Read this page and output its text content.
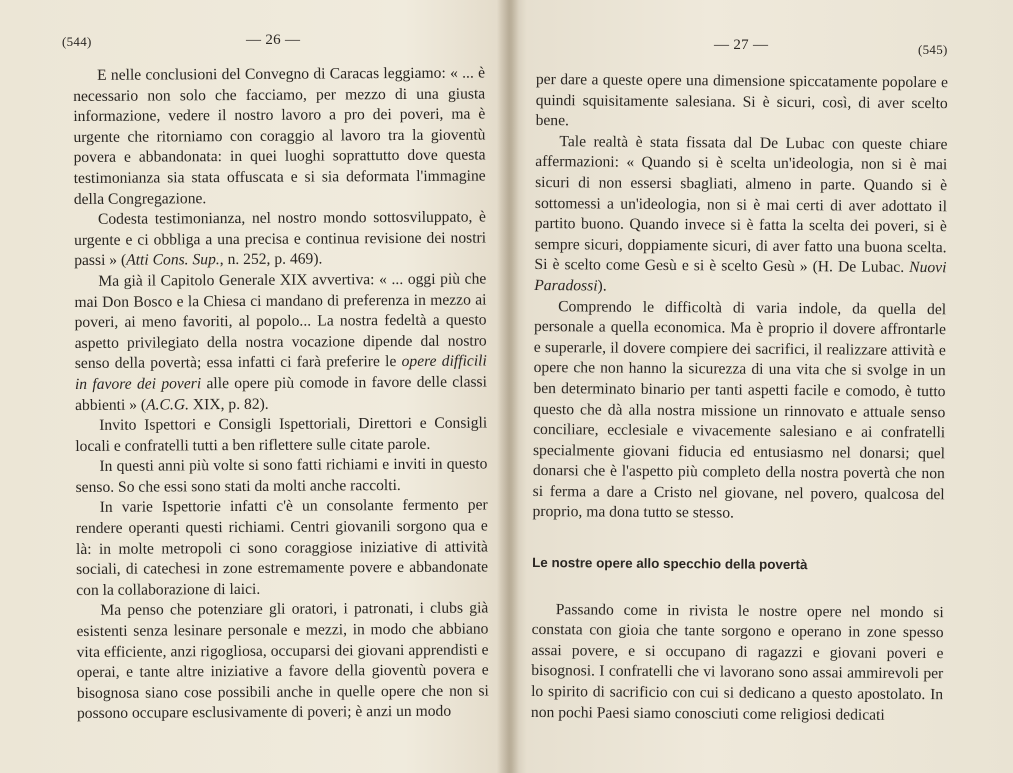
(544)	— 26 —

E nelle conclusioni del Convegno di Caracas leggiamo: « ... è necessario non solo che facciamo, per mezzo di una giusta informazione, vedere il nostro lavoro a pro dei poveri, ma è urgente che ritorniamo con coraggio al lavoro tra la gioventù povera e abbandonata: in quei luoghi soprattutto dove questa testimonianza sia stata offuscata e si sia deformata l'immagine della Congregazione.

Codesta testimonianza, nel nostro mondo sottosviluppato, è urgente e ci obbliga a una precisa e continua revisione dei nostri passi » (Atti Cons. Sup., n. 252, p. 469).

Ma già il Capitolo Generale XIX avvertiva: « ... oggi più che mai Don Bosco e la Chiesa ci mandano di preferenza in mezzo ai poveri, ai meno favoriti, al popolo... La nostra fedeltà a questo aspetto privilegiato della nostra vocazione dipende dal nostro senso della povertà; essa infatti ci farà preferire le opere difficili in favore dei poveri alle opere più comode in favore delle classi abbienti » (A.C.G. XIX, p. 82).

Invito Ispettori e Consigli Ispettoriali, Direttori e Consigli locali e confratelli tutti a ben riflettere sulle citate parole.

In questi anni più volte si sono fatti richiami e inviti in questo senso. So che essi sono stati da molti anche raccolti.

In varie Ispettorie infatti c'è un consolante fermento per rendere operanti questi richiami. Centri giovanili sorgono qua e là: in molte metropoli ci sono coraggiose iniziative di attività sociali, di catechesi in zone estremamente povere e abbandonate con la collaborazione di laici.

Ma penso che potenziare gli oratori, i patronati, i clubs già esistenti senza lesinare personale e mezzi, in modo che abbiano vita efficiente, anzi rigogliosa, occuparsi dei giovani apprendisti e operai, e tante altre iniziative a favore della gioventù povera e bisognosa siano cose possibili anche in quelle opere che non si possono occupare esclusivamente di poveri; è anzi un modo

— 27 —	(545)

per dare a queste opere una dimensione spiccatamente popolare e quindi squisitamente salesiana. Si è sicuri, così, di aver scelto bene.

Tale realtà è stata fissata dal De Lubac con queste chiare affermazioni: « Quando si è scelta un'ideologia, non si è mai sicuri di non essersi sbagliati, almeno in parte. Quando si è sottomessi a un'ideologia, non si è mai certi di aver adottato il partito buono. Quando invece si è fatta la scelta dei poveri, si è sempre sicuri, doppiamente sicuri, di aver fatto una buona scelta. Si è scelto come Gesù e si è scelto Gesù » (H. De Lubac. Nuovi Paradossi).

Comprendo le difficoltà di varia indole, da quella del personale a quella economica. Ma è proprio il dovere affrontarle e superarle, il dovere compiere dei sacrifici, il realizzare attività e opere che non hanno la sicurezza di una vita che si svolge in un ben determinato binario per tanti aspetti facile e comodo, è tutto questo che dà alla nostra missione un rinnovato e attuale senso conciliare, ecclesiale e vivacemente salesiano e ai confratelli specialmente giovani fiducia ed entusiasmo nel donarsi; quel donarsi che è l'aspetto più completo della nostra povertà che non si ferma a dare a Cristo nel giovane, nel povero, qualcosa del proprio, ma dona tutto se stesso.

Le nostre opere allo specchio della povertà

Passando come in rivista le nostre opere nel mondo si constata con gioia che tante sorgono e operano in zone spesso assai povere, e si occupano di ragazzi e giovani poveri e bisognosi. I confratelli che vi lavorano sono assai ammirevoli per lo spirito di sacrificio con cui si dedicano a questo apostolato. In non pochi Paesi siamo conosciuti come religiosi dedicati
